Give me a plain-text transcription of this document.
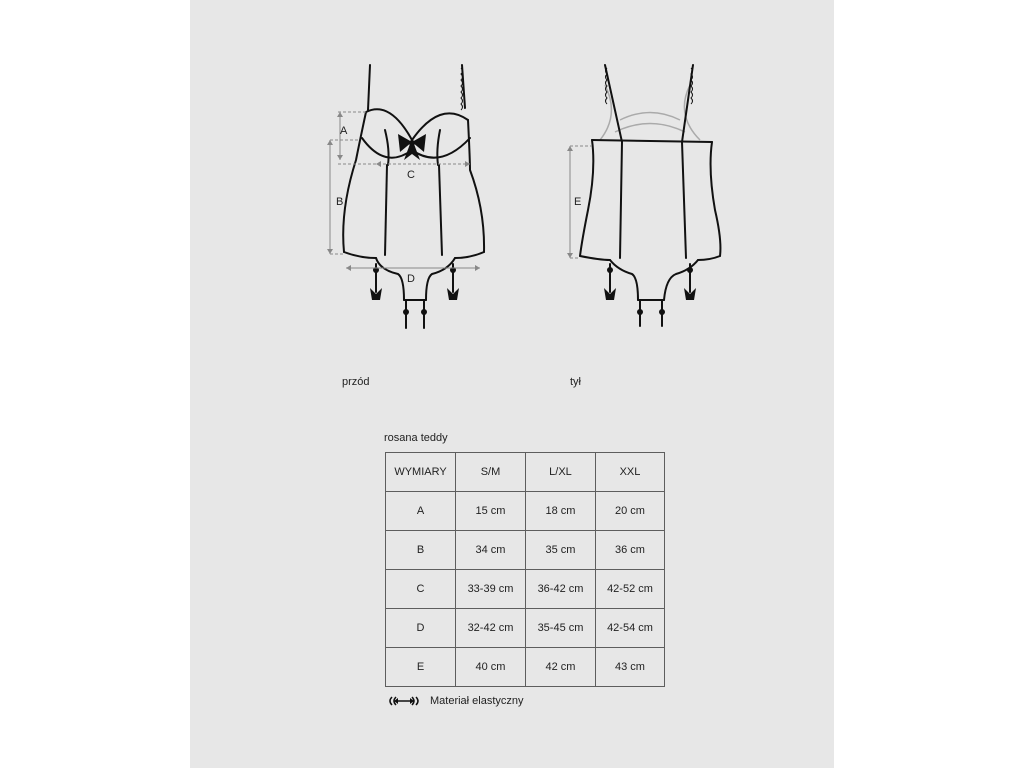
A
B
C
D
E
przód	tył
rosana teddy
WYMIARY	S/M	L/XL	XXL
A	15 cm	18 cm	20 cm
B	34 cm	35 cm	36 cm
C	33-39 cm	36-42 cm	42-52 cm
D	32-42 cm	35-45 cm	42-54 cm
E	40 cm	42 cm	43 cm
Materiał elastyczny
